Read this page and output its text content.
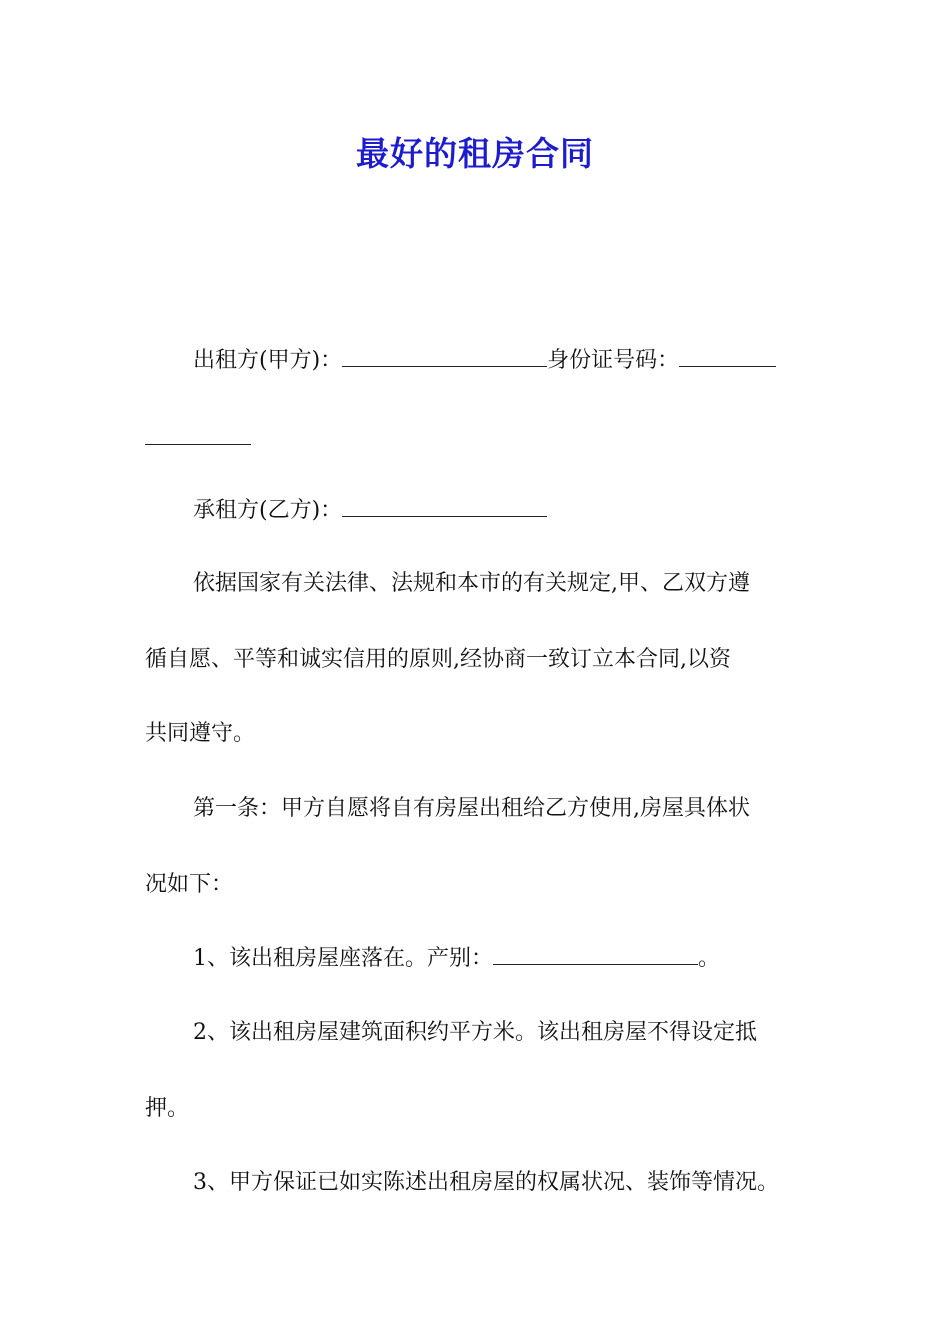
最好的租房合同
出租方(甲方)：	身份证号码：
承租方(乙方)：
依据国家有关法律、法规和本市的有关规定,甲、乙双方遵
循自愿、平等和诚实信用的原则,经协商一致订立本合同,以资
共同遵守。
第一条：甲方自愿将自有房屋出租给乙方使用,房屋具体状
况如下：
1、该出租房屋座落在。产别：	。
2、该出租房屋建筑面积约平方米。该出租房屋不得设定抵
押。
3、甲方保证已如实陈述出租房屋的权属状况、装饰等情况。
